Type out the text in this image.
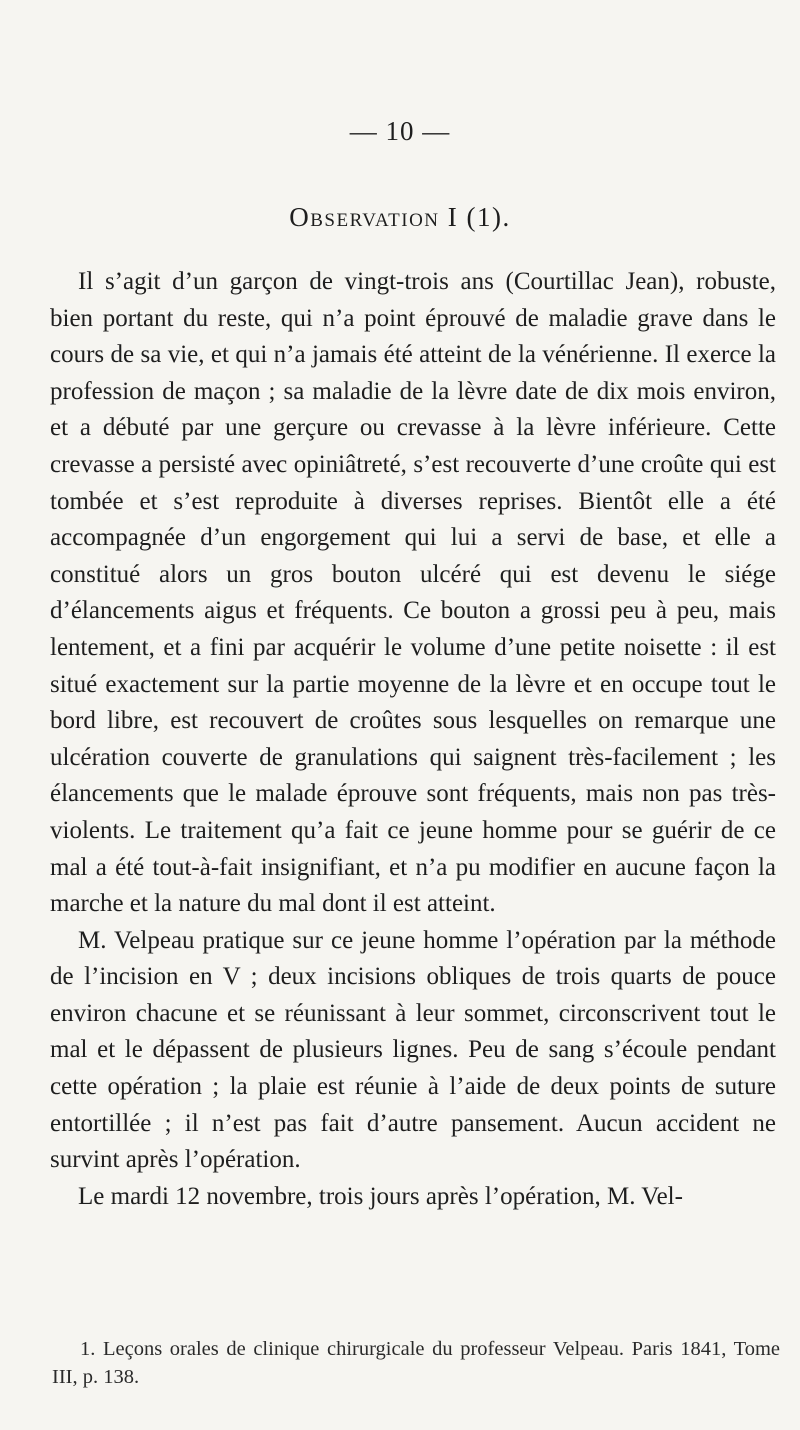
— 10 —
Observation I (1).

Il s’agit d’un garçon de vingt-trois ans (Courtillac Jean), robuste, bien portant du reste, qui n’a point éprouvé de maladie grave dans le cours de sa vie, et qui n’a jamais été atteint de la vénérienne. Il exerce la profession de maçon ; sa maladie de la lèvre date de dix mois environ, et a débuté par une gerçure ou crevasse à la lèvre inférieure. Cette crevasse a persisté avec opiniâtreté, s’est recouverte d’une croûte qui est tombée et s’est reproduite à diverses reprises. Bientôt elle a été accompagnée d’un engorgement qui lui a servi de base, et elle a constitué alors un gros bouton ulcéré qui est devenu le siége d’élancements aigus et fréquents. Ce bouton a grossi peu à peu, mais lentement, et a fini par acquérir le volume d’une petite noisette : il est situé exactement sur la partie moyenne de la lèvre et en occupe tout le bord libre, est recouvert de croûtes sous lesquelles on remarque une ulcération couverte de granulations qui saignent très-facilement ; les élancements que le malade éprouve sont fréquents, mais non pas très-violents. Le traitement qu’a fait ce jeune homme pour se guérir de ce mal a été tout-à-fait insignifiant, et n’a pu modifier en aucune façon la marche et la nature du mal dont il est atteint.

M. Velpeau pratique sur ce jeune homme l’opération par la méthode de l’incision en V ; deux incisions obliques de trois quarts de pouce environ chacune et se réunissant à leur sommet, circonscrivent tout le mal et le dépassent de plusieurs lignes. Peu de sang s’écoule pendant cette opération ; la plaie est réunie à l’aide de deux points de suture entortillée ; il n’est pas fait d’autre pansement. Aucun accident ne survint après l’opération.

Le mardi 12 novembre, trois jours après l’opération, M. Vel-

1. Leçons orales de clinique chirurgicale du professeur Velpeau. Paris 1841, Tome III, p. 138.
